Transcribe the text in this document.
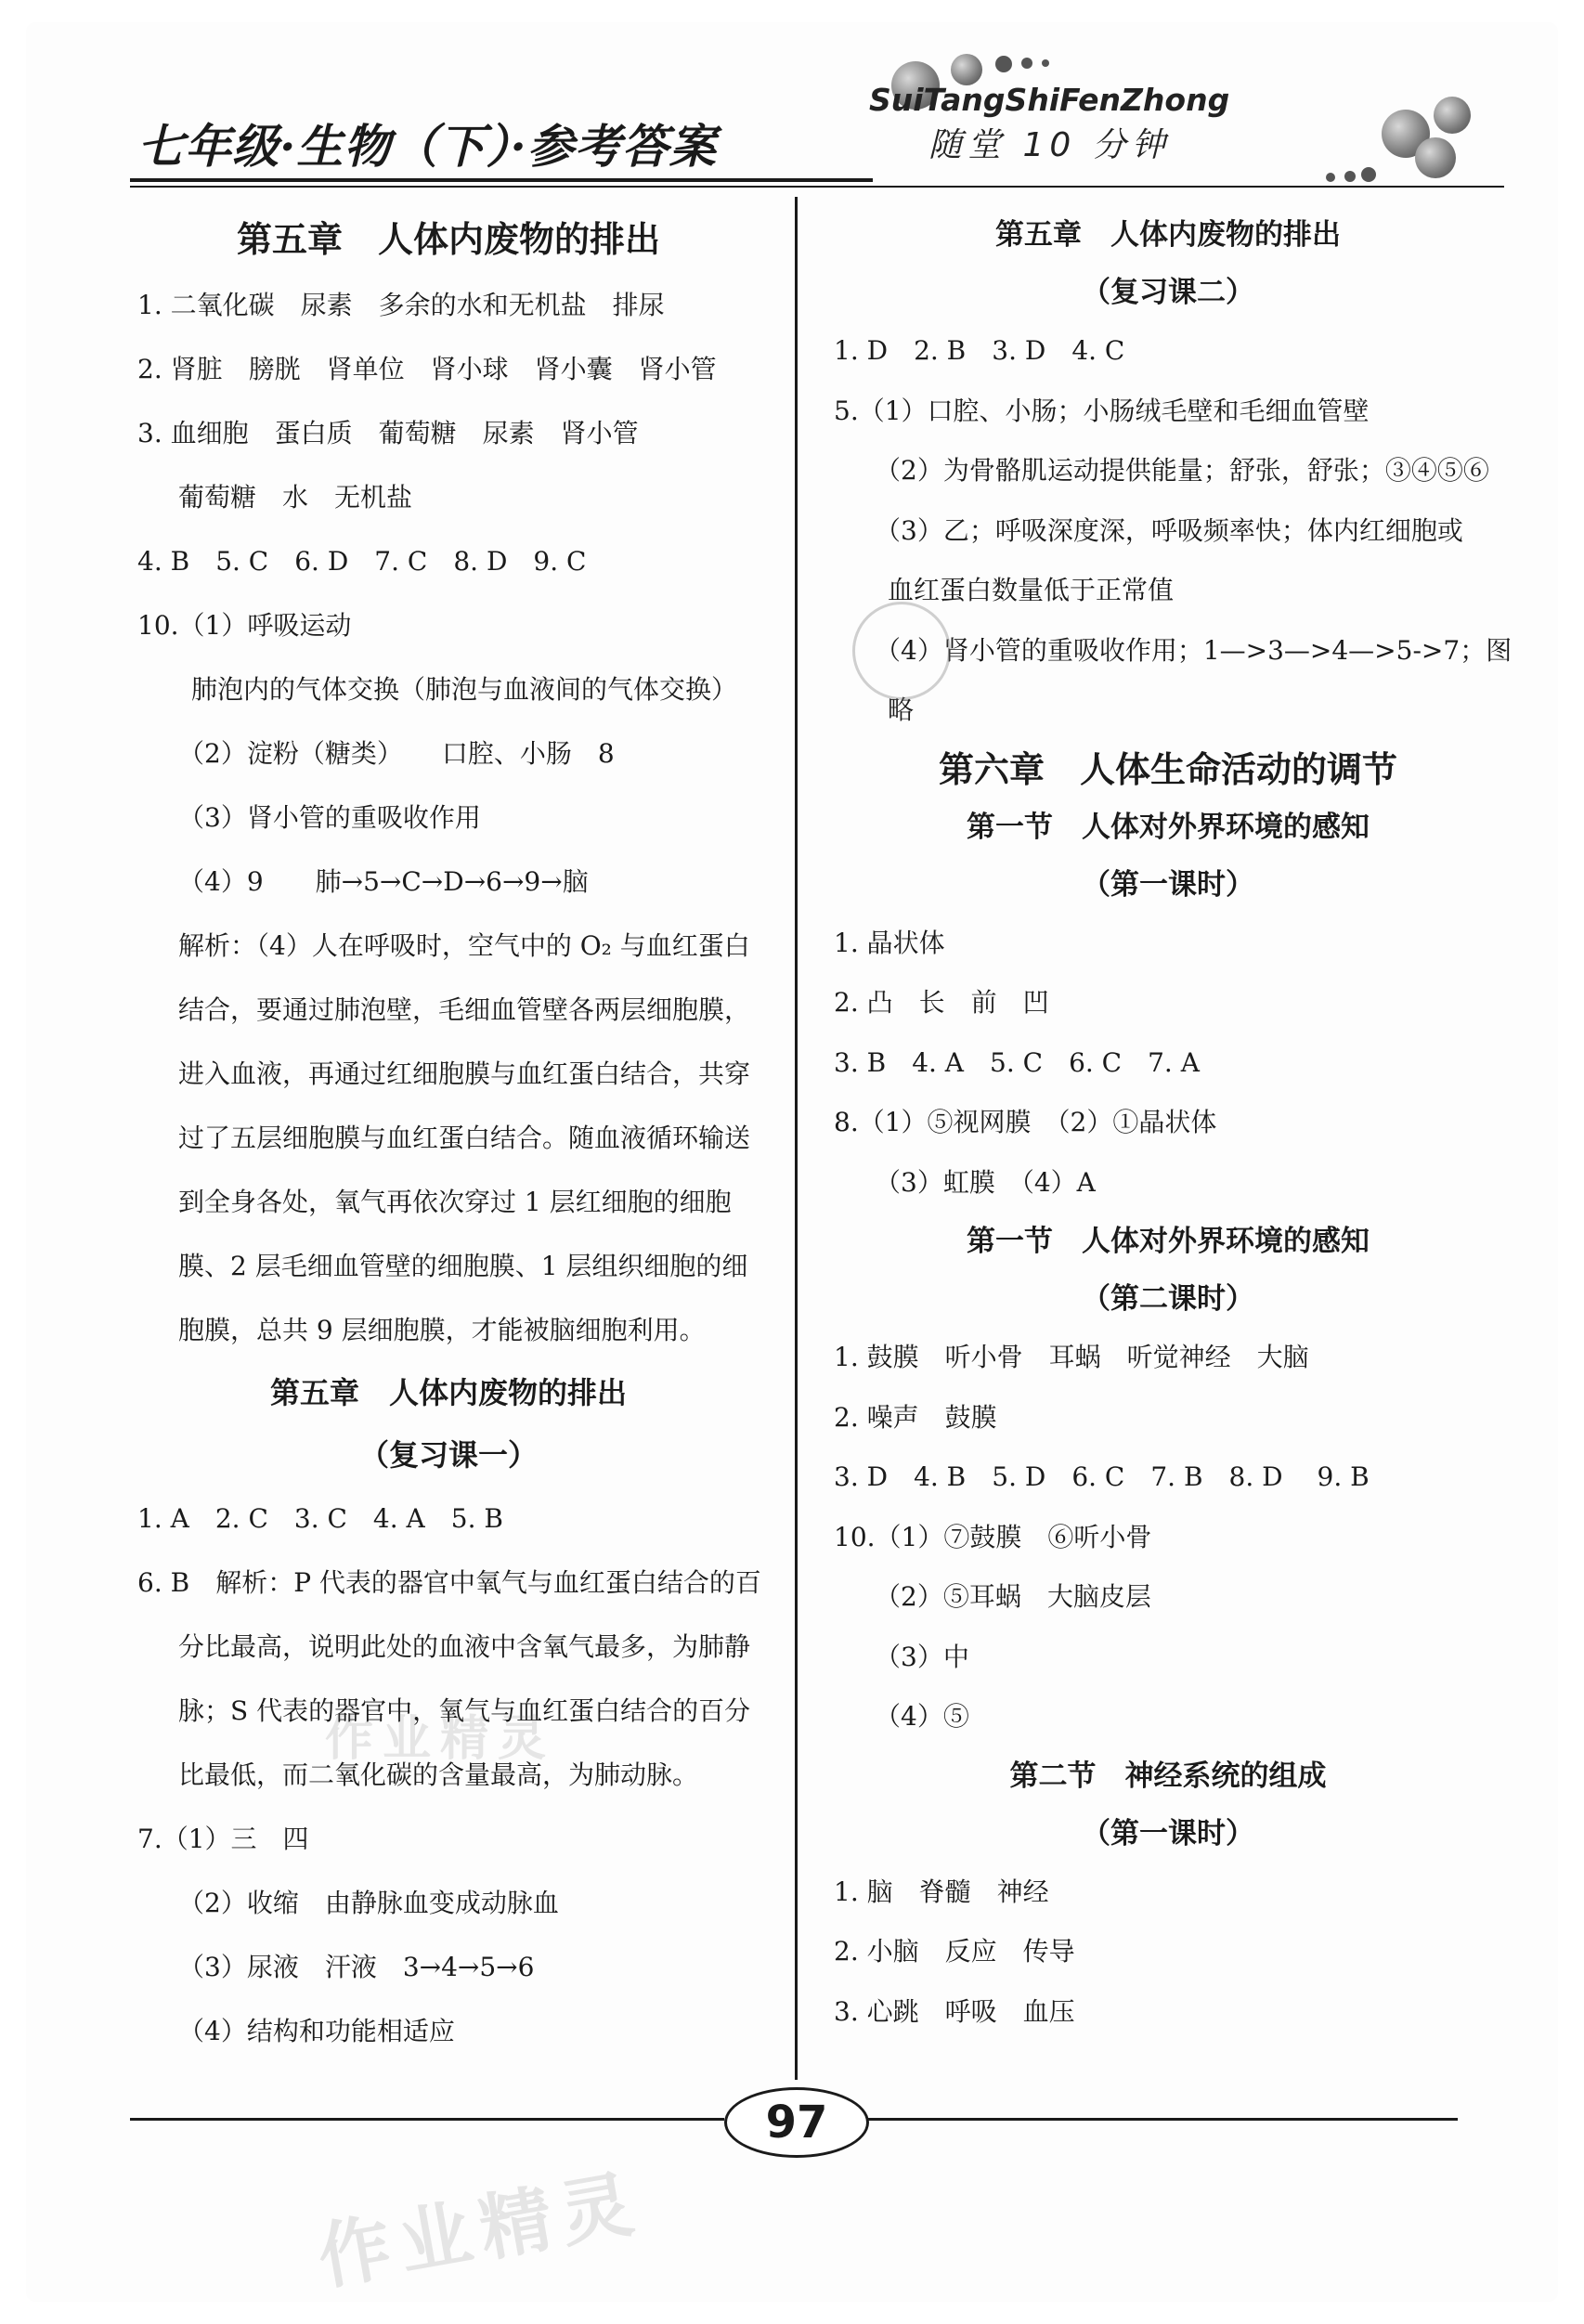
七年级·生物（下）·参考答案
SuiTangShiFenZhong
随堂 10 分钟
第五章　人体内废物的排出
1. 二氧化碳　尿素　多余的水和无机盐　排尿
2. 肾脏　膀胱　肾单位　肾小球　肾小囊　肾小管
3. 血细胞　蛋白质　葡萄糖　尿素　肾小管
葡萄糖　水　无机盐
4. B　5. C　6. D　7. C　8. D　9. C
10.（1）呼吸运动
肺泡内的气体交换（肺泡与血液间的气体交换）
（2）淀粉（糖类）　　口腔、小肠　8
（3）肾小管的重吸收作用
（4）9　　肺→5→C→D→6→9→脑
解析：（4）人在呼吸时，空气中的 O₂ 与血红蛋白
结合，要通过肺泡壁，毛细血管壁各两层细胞膜，
进入血液，再通过红细胞膜与血红蛋白结合，共穿
过了五层细胞膜与血红蛋白结合。随血液循环输送
到全身各处，氧气再依次穿过 1 层红细胞的细胞
膜、2 层毛细血管壁的细胞膜、1 层组织细胞的细
胞膜，总共 9 层细胞膜，才能被脑细胞利用。
第五章　人体内废物的排出
（复习课一）
1. A　2. C　3. C　4. A　5. B
6. B　解析：P 代表的器官中氧气与血红蛋白结合的百
分比最高，说明此处的血液中含氧气最多，为肺静
脉；S 代表的器官中，氧气与血红蛋白结合的百分
比最低，而二氧化碳的含量最高，为肺动脉。
7.（1）三　四
（2）收缩　由静脉血变成动脉血
（3）尿液　汗液　3→4→5→6
（4）结构和功能相适应
第五章　人体内废物的排出
（复习课二）
1. D　2. B　3. D　4. C
5.（1）口腔、小肠；小肠绒毛壁和毛细血管壁
（2）为骨骼肌运动提供能量；舒张，舒张；③④⑤⑥
（3）乙；呼吸深度深，呼吸频率快；体内红细胞或
血红蛋白数量低于正常值
（4）肾小管的重吸收作用；1—>3—>4—>5->7；图
略
第六章　人体生命活动的调节
第一节　人体对外界环境的感知
（第一课时）
1. 晶状体
2. 凸　长　前　凹
3. B　4. A　5. C　6. C　7. A
8.（1）⑤视网膜　（2）①晶状体
（3）虹膜　（4）A
第一节　人体对外界环境的感知
（第二课时）
1. 鼓膜　听小骨　耳蜗　听觉神经　大脑
2. 噪声　鼓膜
3. D　4. B　5. D　6. C　7. B　8. D　 9. B
10.（1）⑦鼓膜　⑥听小骨
（2）⑤耳蜗　大脑皮层
（3）中
（4）⑤
第二节　神经系统的组成
（第一课时）
1. 脑　脊髓　神经
2. 小脑　反应　传导
3. 心跳　呼吸　血压
97
作业精灵
作业精灵
